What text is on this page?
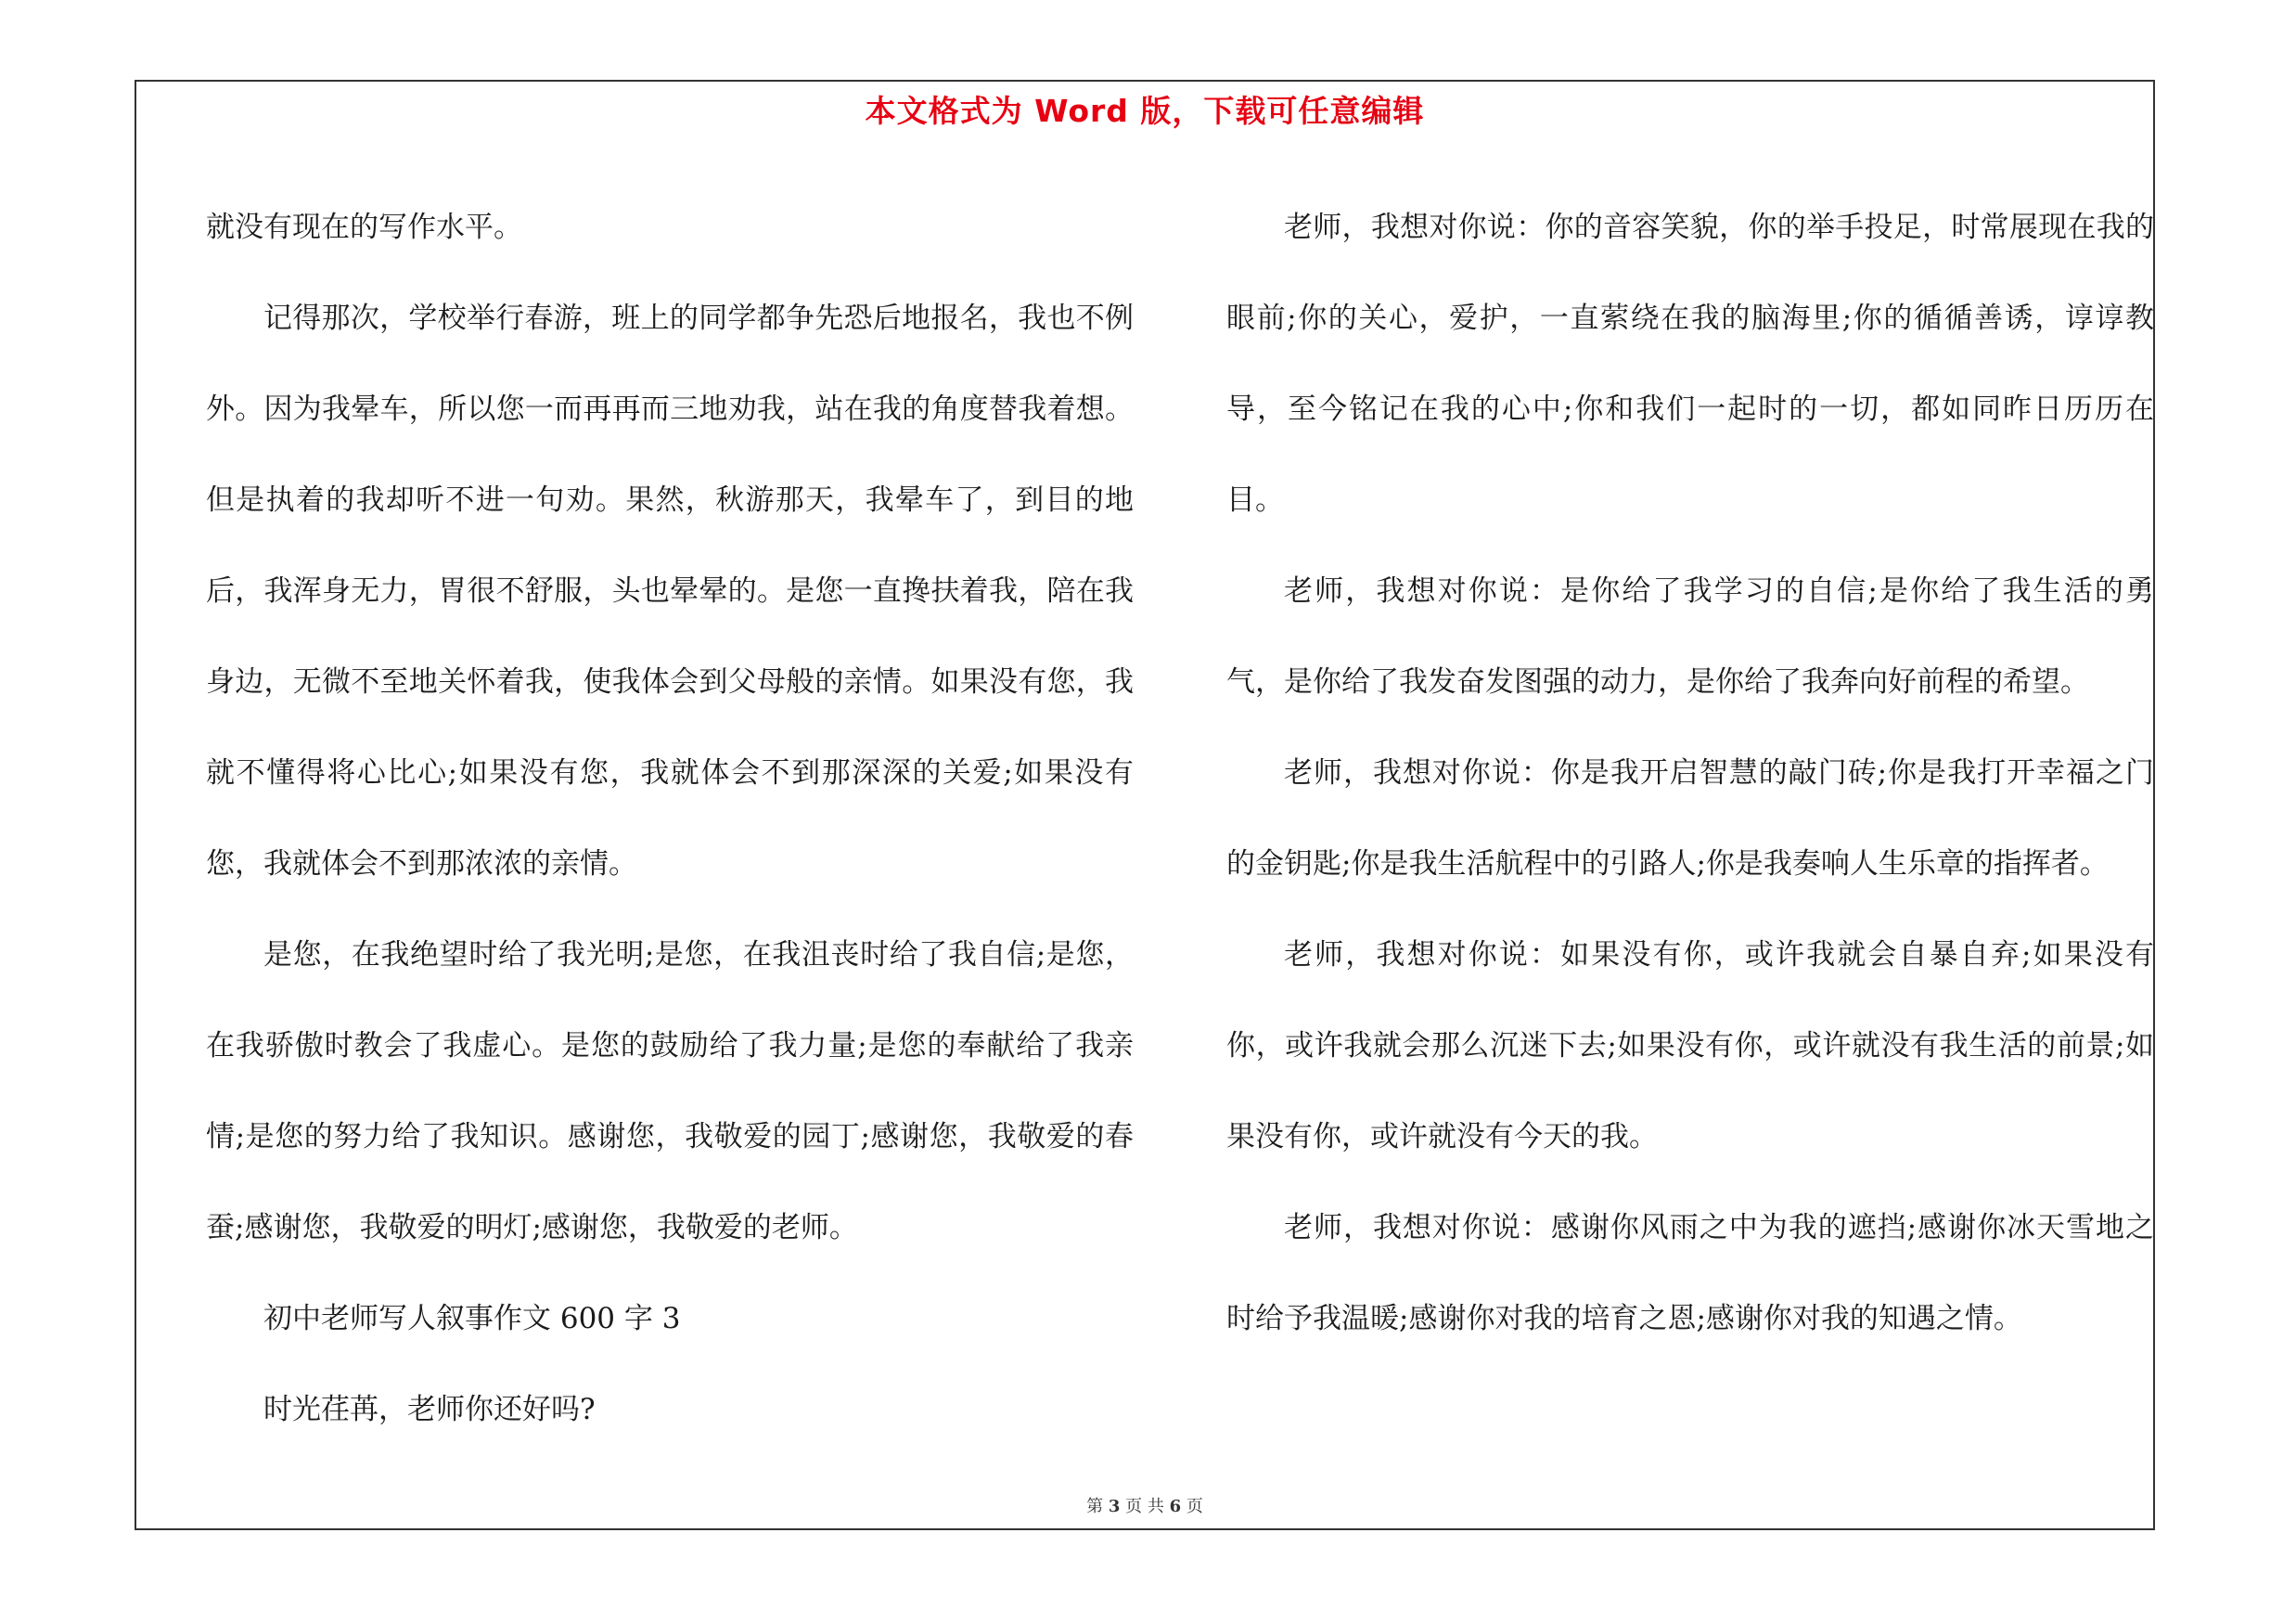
本文格式为 Word 版，下载可任意编辑

就没有现在的写作水平。

记得那次，学校举行春游，班上的同学都争先恐后地报名，我也不例外。因为我晕车，所以您一而再再而三地劝我，站在我的角度替我着想。但是执着的我却听不进一句劝。果然，秋游那天，我晕车了，到目的地后，我浑身无力，胃很不舒服，头也晕晕的。是您一直搀扶着我，陪在我身边，无微不至地关怀着我，使我体会到父母般的亲情。如果没有您，我就不懂得将心比心;如果没有您，我就体会不到那深深的关爱;如果没有您，我就体会不到那浓浓的亲情。

是您，在我绝望时给了我光明;是您，在我沮丧时给了我自信;是您，在我骄傲时教会了我虚心。是您的鼓励给了我力量;是您的奉献给了我亲情;是您的努力给了我知识。感谢您，我敬爱的园丁;感谢您，我敬爱的春蚕;感谢您，我敬爱的明灯;感谢您，我敬爱的老师。

初中老师写人叙事作文 600 字 3

时光荏苒，老师你还好吗?

老师，我想对你说：你的音容笑貌，你的举手投足，时常展现在我的眼前;你的关心，爱护，一直萦绕在我的脑海里;你的循循善诱，谆谆教导，至今铭记在我的心中;你和我们一起时的一切，都如同昨日历历在目。

老师，我想对你说：是你给了我学习的自信;是你给了我生活的勇气，是你给了我发奋发图强的动力，是你给了我奔向好前程的希望。

老师，我想对你说：你是我开启智慧的敲门砖;你是我打开幸福之门的金钥匙;你是我生活航程中的引路人;你是我奏响人生乐章的指挥者。

老师，我想对你说：如果没有你，或许我就会自暴自弃;如果没有你，或许我就会那么沉迷下去;如果没有你，或许就没有我生活的前景;如果没有你，或许就没有今天的我。

老师，我想对你说：感谢你风雨之中为我的遮挡;感谢你冰天雪地之时给予我温暖;感谢你对我的培育之恩;感谢你对我的知遇之情。

第 3 页 共 6 页
